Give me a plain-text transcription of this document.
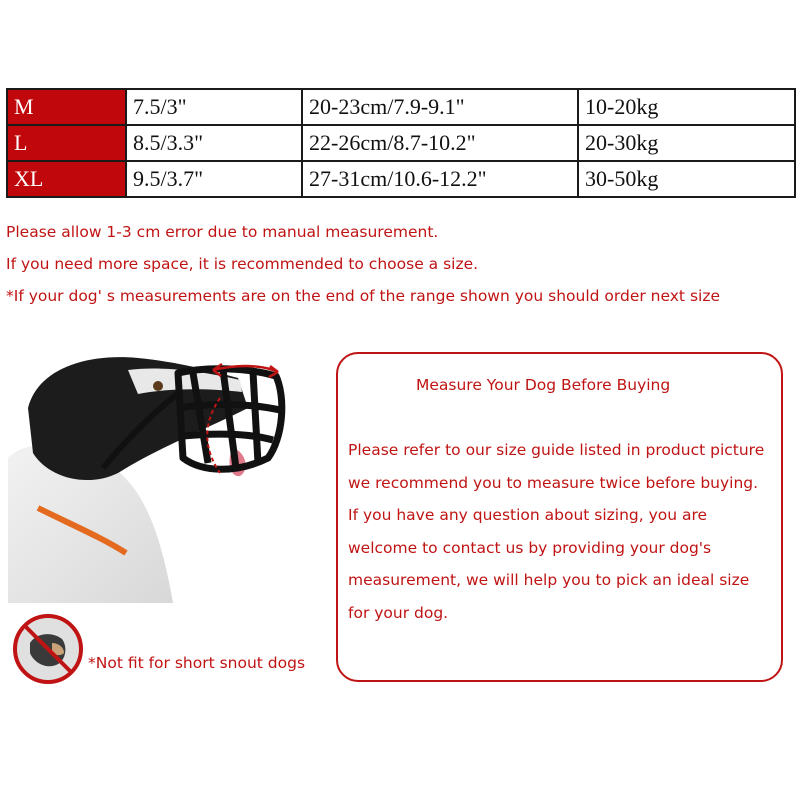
M	7.5/3"	20-23cm/7.9-9.1"	10-20kg
L	8.5/3.3"	22-26cm/8.7-10.2"	20-30kg
XL	9.5/3.7"	27-31cm/10.6-12.2"	30-50kg

Please allow 1-3 cm error due to manual measurement.

If you need more space, it is recommended to choose a size.

*If your dog' s measurements are on the end of the range shown you should order next size

*Not fit for short snout dogs
Measure Your Dog Before Buying

Please refer to our size guide listed in product picture

we recommend you to measure twice before buying.

If you have any question about sizing, you are

welcome to contact us by providing your dog's

measurement, we will help you to pick an ideal size

for your dog.
